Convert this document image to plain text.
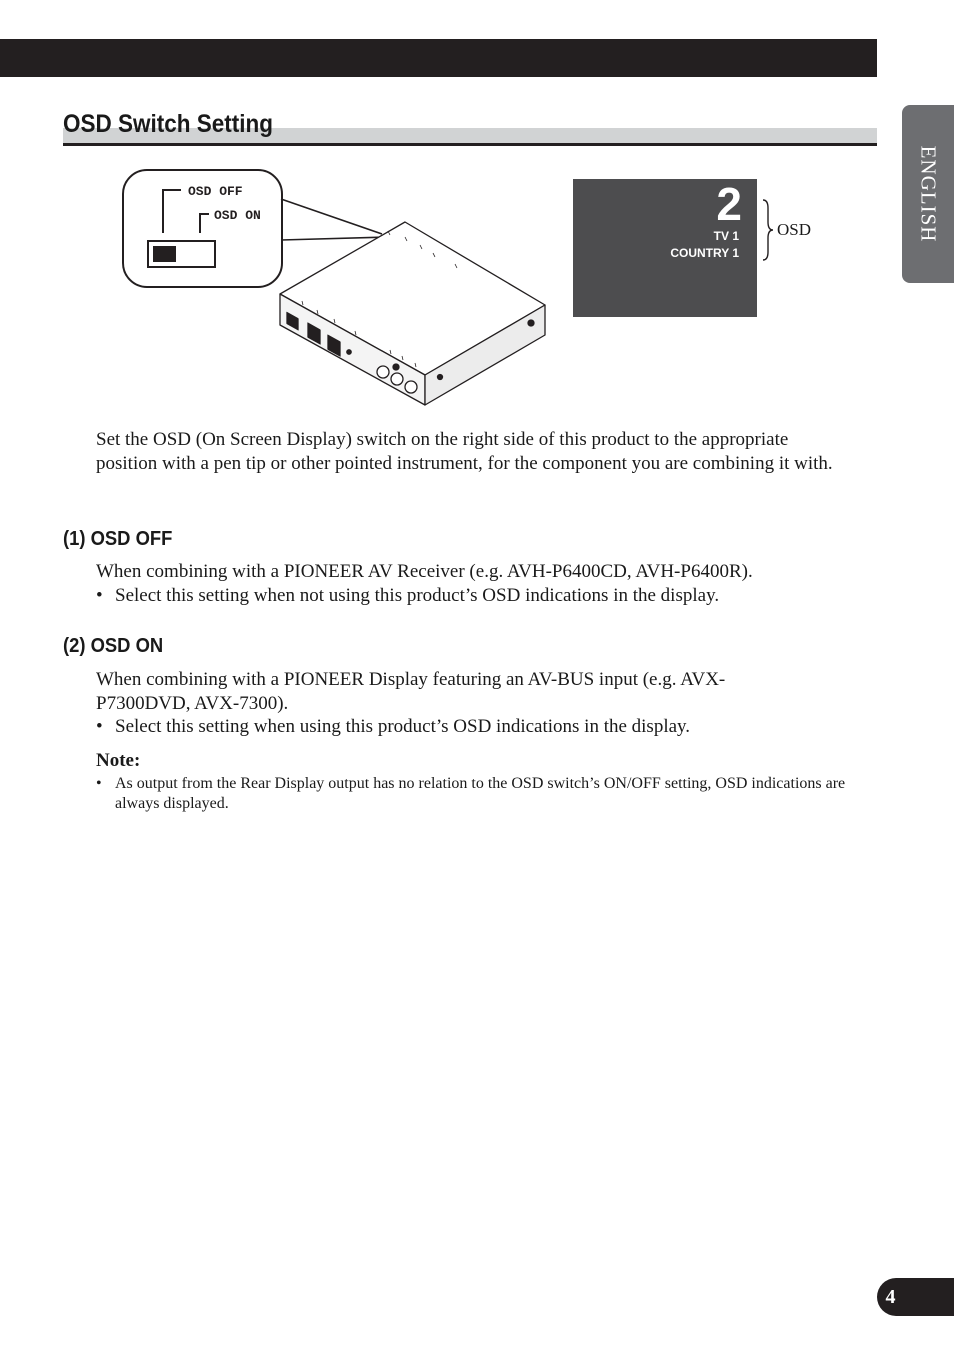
ENGLISH
OSD Switch Setting
OSD OFF
OSD ON	2
TV 1
COUNTRY 1
OSD

Set the OSD (On Screen Display) switch on the right side of this product to the appropriate position with a pen tip or other pointed instrument, for the component you are combining it with.

(1) OSD OFF

When combining with a PIONEER AV Receiver (e.g. AVH-P6400CD, AVH-P6400R).

• Select this setting when not using this product’s OSD indications in the display.
(2) OSD ON

When combining with a PIONEER Display featuring an AV-BUS input (e.g. AVX-P7300DVD, AVX-7300).

• Select this setting when using this product’s OSD indications in the display.
Note:
• As output from the Rear Display output has no relation to the OSD switch’s ON/OFF setting, OSD indications are always displayed.
4
